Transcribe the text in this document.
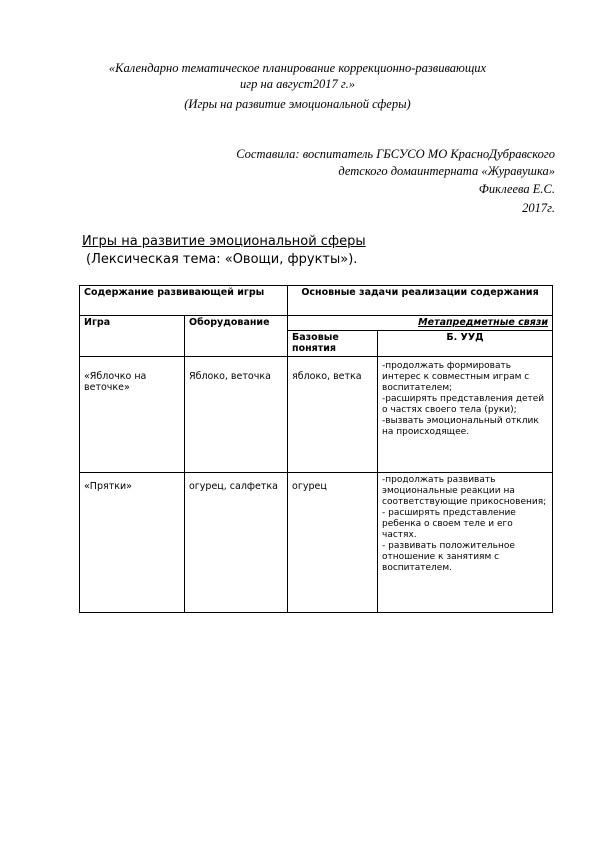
«Календарно тематическое планирование коррекционно-развивающих
игр на август2017 г.»
(Игры на развитие эмоциональной сферы)
Составила: воспитатель ГБСУСО МО КрасноДубравского
детского домаинтерната «Журавушка»
Фиклеева Е.С.
2017г.
Игры на развитие эмоциональной сферы
(Лексическая тема: «Овощи, фрукты»).
Содержание развивающей игры		Основные задачи реализации содержания	
Игра	Оборудование	Метапредметные связи	
		Базовые понятия	Б. УУД
«Яблочко на веточке»	Яблоко, веточка	яблоко, ветка	-продолжать формировать интерес к совместным играм с воспитателем;
-расширять представления детей о частях своего тела (руки);
-вызвать эмоциональный отклик на происходящее.

«Прятки»	огурец, салфетка	огурец	-продолжать развивать эмоциональные реакции на соответствующие прикосновения;
- расширять представление ребенка о своем теле и его частях.
- развивать положительное отношение к занятиям с воспитателем.
